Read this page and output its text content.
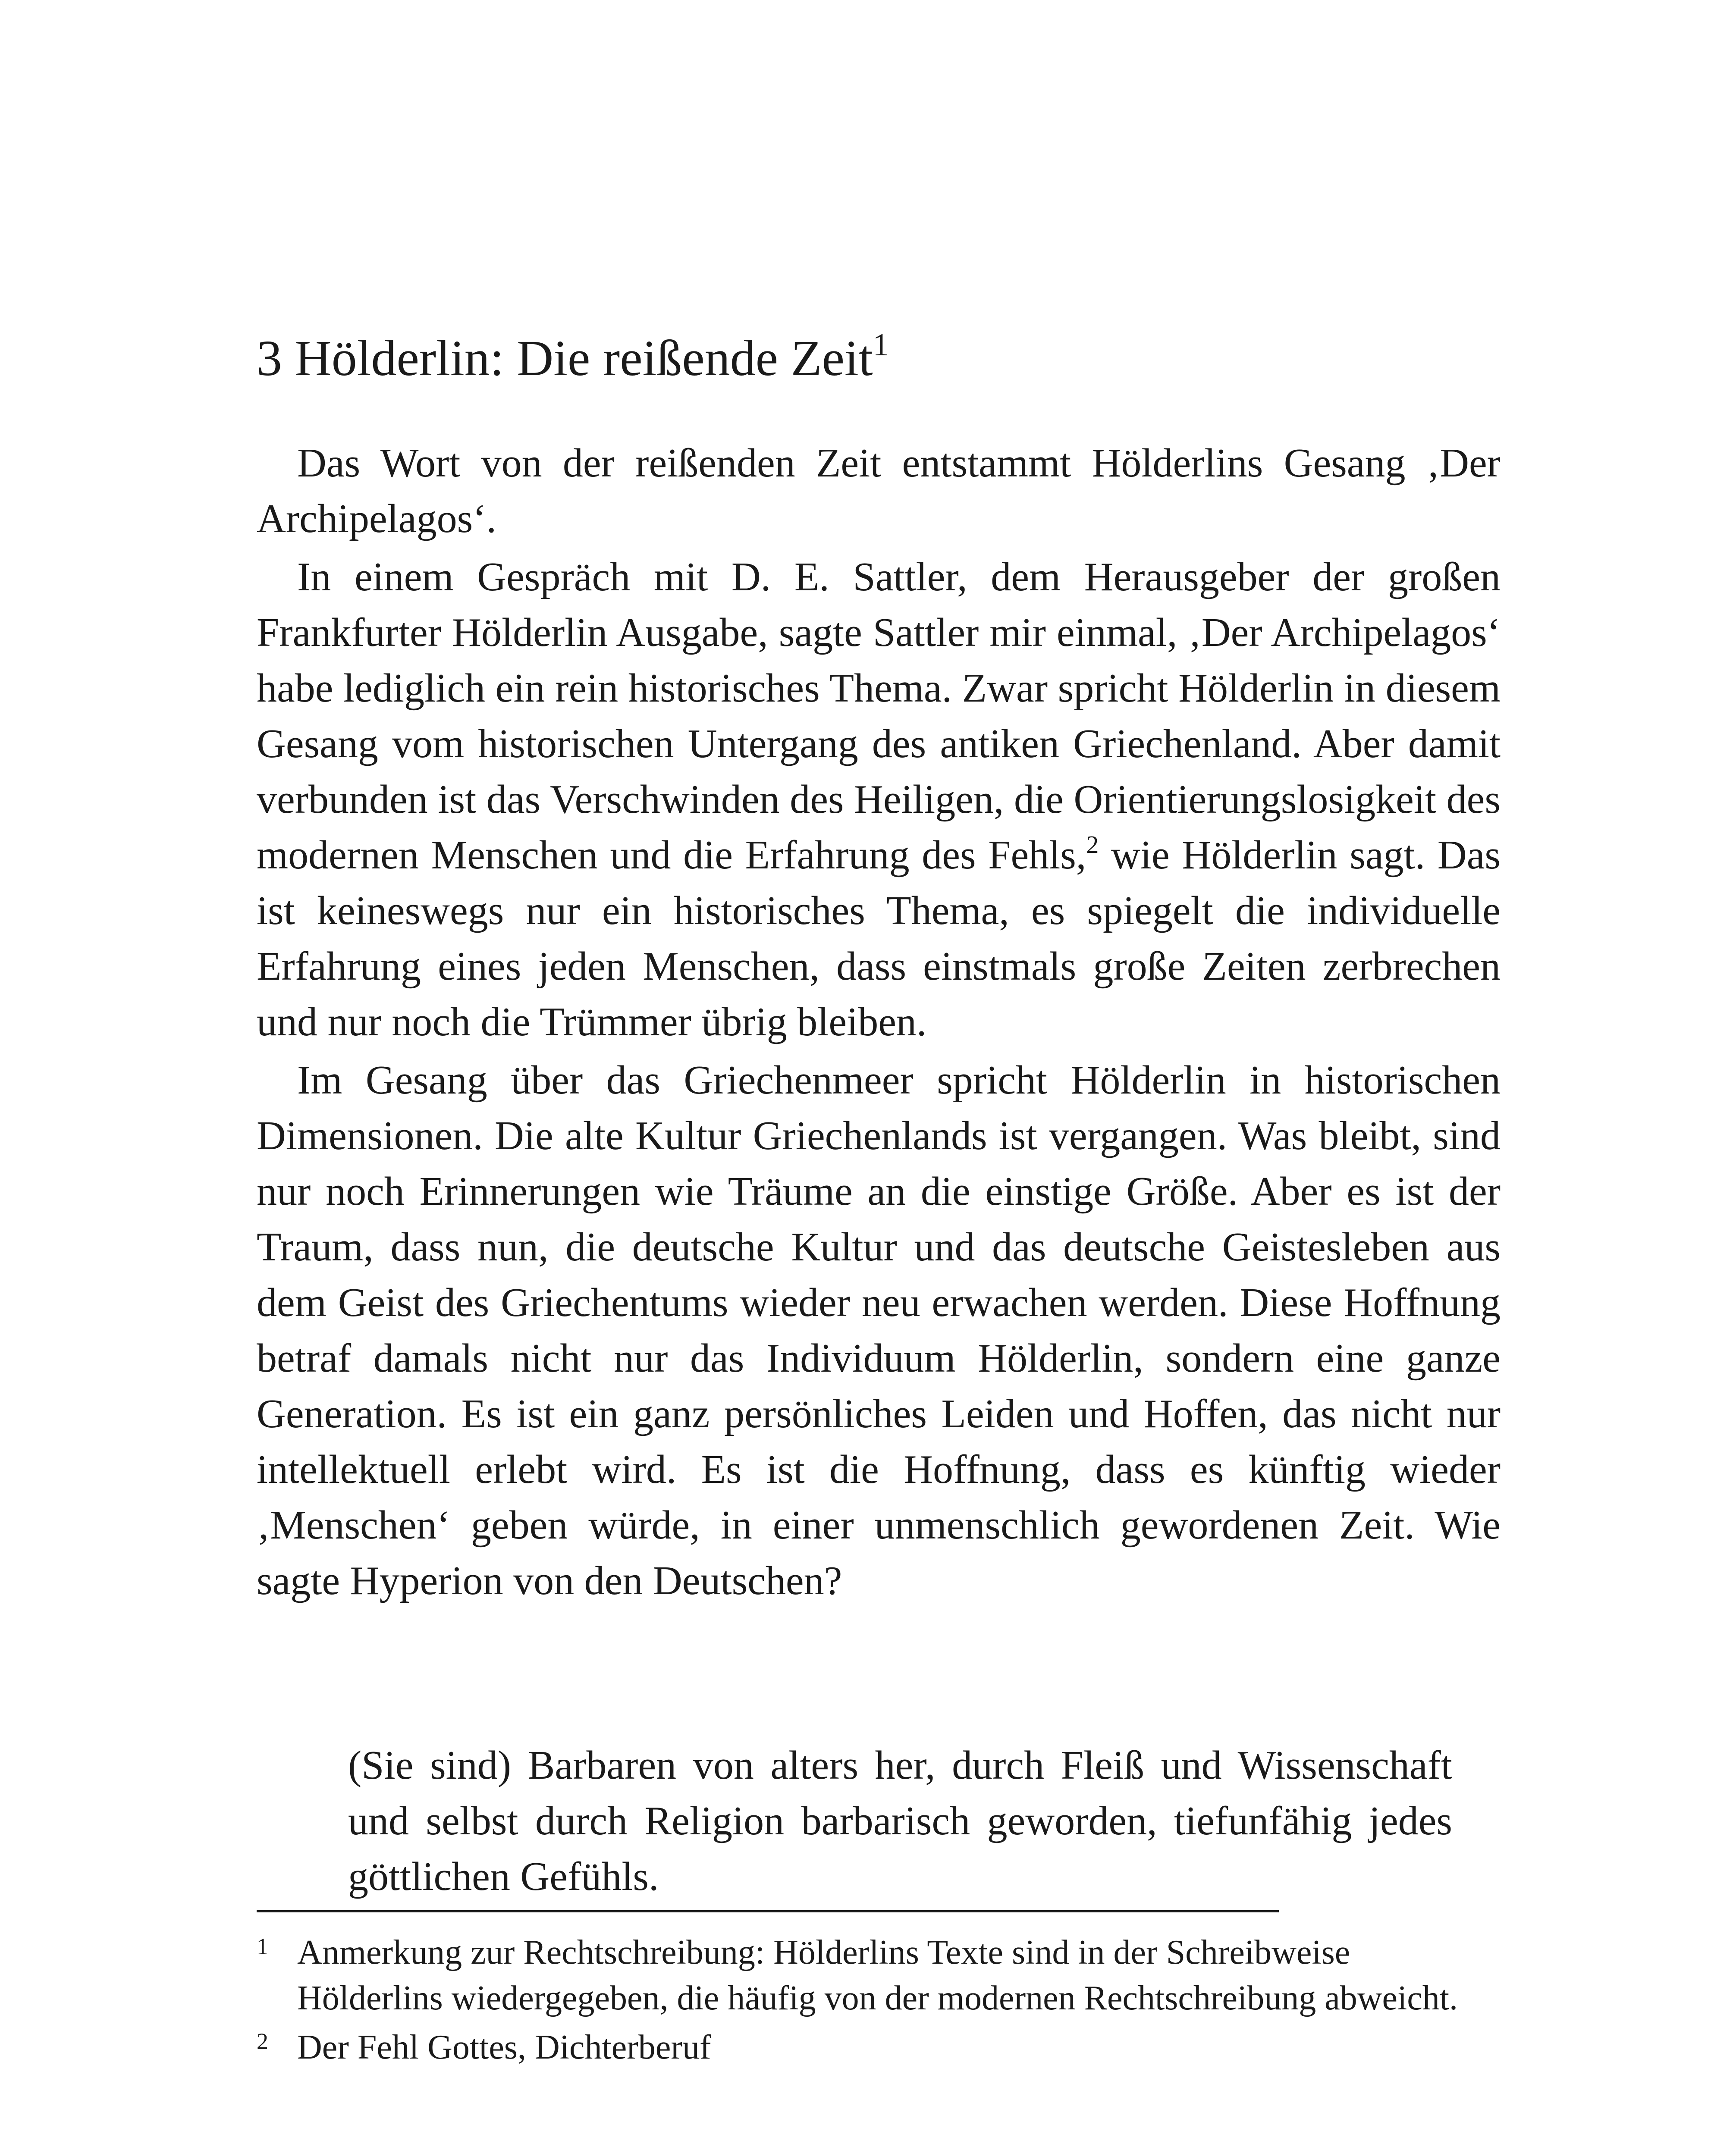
3 Hölderlin: Die reißende Zeit$^1$

Das Wort von der reißenden Zeit entstammt Hölderlins Gesang ‚Der Archipelagos‘.

In einem Gespräch mit D. E. Sattler, dem Herausgeber der großen Frankfurter Hölderlin Ausgabe, sagte Sattler mir einmal, ‚Der Archipelagos‘ habe lediglich ein rein historisches Thema. Zwar spricht Hölderlin in diesem Gesang vom historischen Untergang des antiken Griechenland. Aber damit verbunden ist das Verschwinden des Heiligen, die Orientierungslosigkeit des modernen Menschen und die Erfahrung des Fehls,$^2$ wie Hölderlin sagt. Das ist keineswegs nur ein historisches Thema, es spiegelt die individuelle Erfahrung eines jeden Menschen, dass einstmals große Zeiten zerbrechen und nur noch die Trümmer übrig bleiben.

Im Gesang über das Griechenmeer spricht Hölderlin in historischen Dimensionen. Die alte Kultur Griechenlands ist vergangen. Was bleibt, sind nur noch Erinnerungen wie Träume an die einstige Größe. Aber es ist der Traum, dass nun, die deutsche Kultur und das deutsche Geistesleben aus dem Geist des Griechentums wieder neu erwachen werden. Diese Hoffnung betraf damals nicht nur das Individuum Hölderlin, sondern eine ganze Generation. Es ist ein ganz persönliches Leiden und Hoffen, das nicht nur intellektuell erlebt wird. Es ist die Hoffnung, dass es künftig wieder ‚Menschen‘ geben würde, in einer unmenschlich gewordenen Zeit. Wie sagte Hyperion von den Deutschen?

(Sie sind) Barbaren von alters her, durch Fleiß und Wissenschaft und selbst durch Religion barbarisch geworden, tiefunfähig jedes göttlichen Gefühls.
1 Anmerkung zur Rechtschreibung: Hölderlins Texte sind in der Schreibweise Hölderlins wiedergegeben, die häufig von der modernen Rechtschreibung abweicht.
2 Der Fehl Gottes, Dichterberuf
